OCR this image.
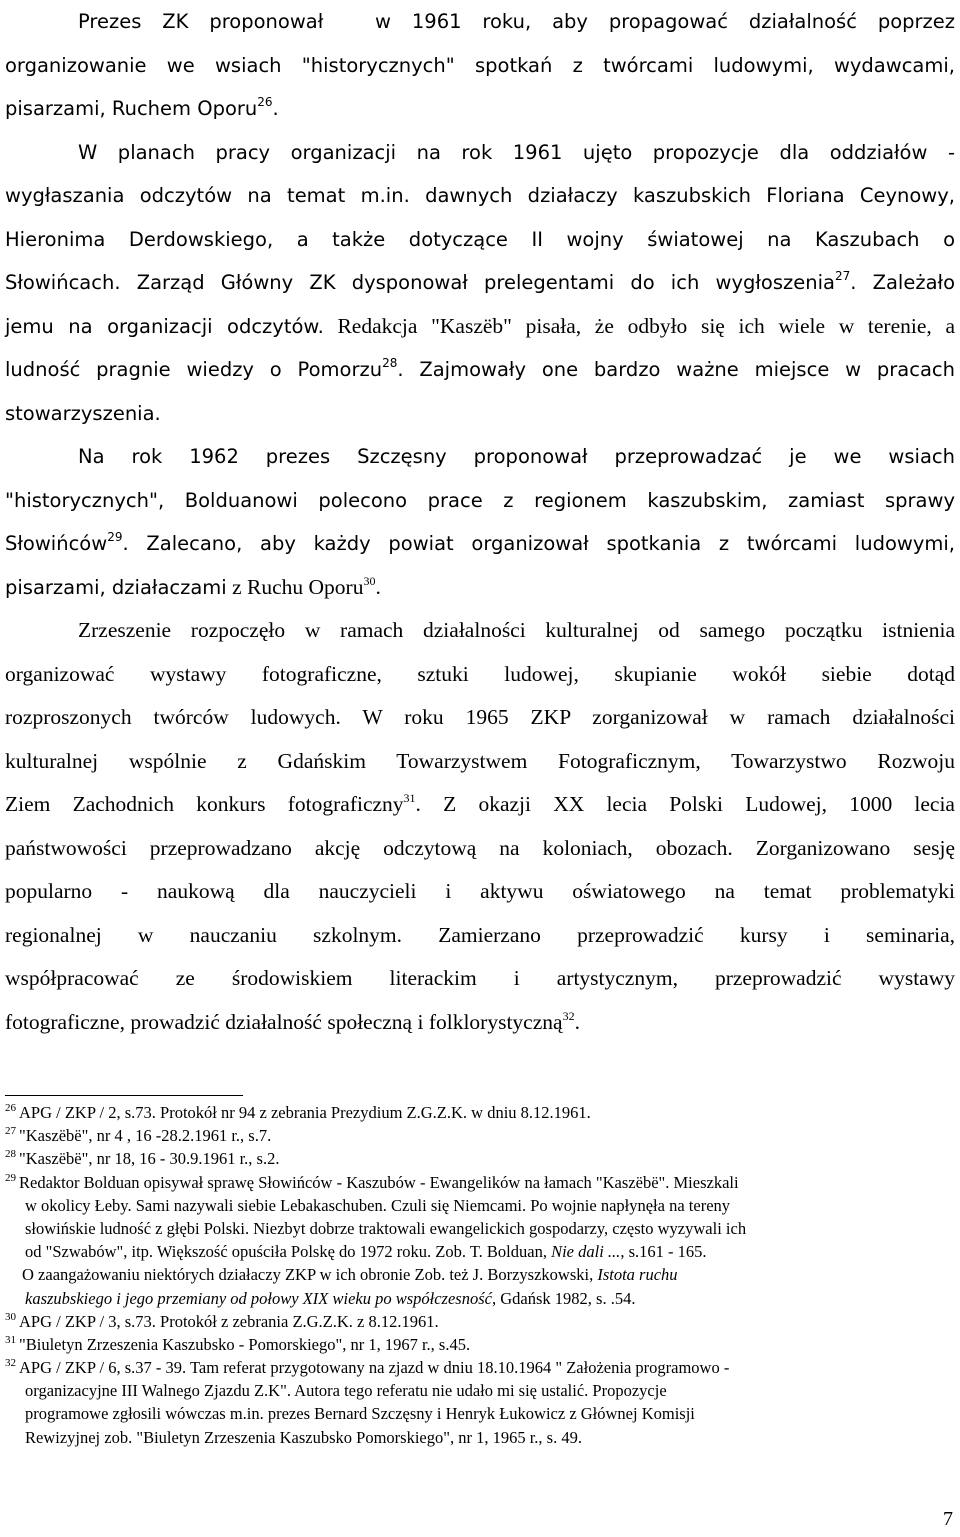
Prezes ZK proponował  w 1961 roku, aby propagować działalność poprzez
organizowanie we wsiach "historycznych" spotkań z twórcami ludowymi, wydawcami,
pisarzami, Ruchem Oporu$^{26}$.
W planach pracy organizacji na rok 1961 ujęto propozycje dla oddziałów -
wygłaszania odczytów na temat m.in. dawnych działaczy kaszubskich Floriana Ceynowy,
Hieronima Derdowskiego, a także dotyczące II wojny światowej na Kaszubach o
Słowińcach. Zarząd Główny ZK dysponował prelegentami do ich wygłoszenia$^{27}$. Zależało
jemu na organizacji odczytów. Redakcja "Kaszëb" pisała, że odbyło się ich wiele w terenie, a
ludność pragnie wiedzy o Pomorzu$^{28}$. Zajmowały one bardzo ważne miejsce w pracach
stowarzyszenia.
Na rok 1962 prezes Szczęsny proponował przeprowadzać je we wsiach
"historycznych", Bolduanowi polecono prace z regionem kaszubskim, zamiast sprawy
Słowińców$^{29}$. Zalecano, aby każdy powiat organizował spotkania z twórcami ludowymi,
pisarzami, działaczami z Ruchu Oporu$^{30}$.
Zrzeszenie rozpoczęło w ramach działalności kulturalnej od samego początku istnienia
organizować wystawy fotograficzne, sztuki ludowej, skupianie wokół siebie dotąd
rozproszonych twórców ludowych. W roku 1965 ZKP zorganizował w ramach działalności
kulturalnej wspólnie z Gdańskim Towarzystwem Fotograficznym, Towarzystwo Rozwoju
Ziem Zachodnich konkurs fotograficzny$^{31}$. Z okazji XX lecia Polski Ludowej, 1000 lecia
państwowości przeprowadzano akcję odczytową na koloniach, obozach. Zorganizowano sesję
popularno - naukową dla nauczycieli i aktywu oświatowego na temat problematyki
regionalnej w nauczaniu szkolnym. Zamierzano przeprowadzić kursy i seminaria,
współpracować ze środowiskiem literackim i artystycznym, przeprowadzić wystawy
fotograficzne, prowadzić działalność społeczną i folklorystyczną$^{32}$.
$^{26}$ APG / ZKP / 2, s.73. Protokół nr 94 z zebrania Prezydium Z.G.Z.K. w dniu 8.12.1961.
$^{27}$ "Kaszëbë", nr 4 , 16 -28.2.1961 r., s.7.
$^{28}$ "Kaszëbë", nr 18, 16 - 30.9.1961 r., s.2.
$^{29}$ Redaktor Bolduan opisywał sprawę Słowińców - Kaszubów - Ewangelików na łamach "Kaszëbë". Mieszkali
w okolicy Łeby. Sami nazywali siebie Lebakaschuben. Czuli się Niemcami. Po wojnie napłynęła na tereny
słowińskie ludność z głębi Polski. Niezbyt dobrze traktowali ewangelickich gospodarzy, często wyzywali ich
od "Szwabów", itp. Większość opuściła Polskę do 1972 roku. Zob. T. Bolduan, Nie dali ..., s.161 - 165.
O zaangażowaniu niektórych działaczy ZKP w ich obronie Zob. też J. Borzyszkowski, Istota ruchu
kaszubskiego i jego przemiany od połowy XIX wieku po współczesność, Gdańsk 1982, s. .54.
$^{30}$ APG / ZKP / 3, s.73. Protokół z zebrania Z.G.Z.K. z 8.12.1961.
$^{31}$ "Biuletyn Zrzeszenia Kaszubsko - Pomorskiego", nr 1, 1967 r., s.45.
$^{32}$ APG / ZKP / 6, s.37 - 39. Tam referat przygotowany na zjazd w dniu 18.10.1964 " Założenia programowo -
organizacyjne III Walnego Zjazdu Z.K". Autora tego referatu nie udało mi się ustalić. Propozycje
programowe zgłosili wówczas m.in. prezes Bernard Szczęsny i Henryk Łukowicz z Głównej Komisji
Rewizyjnej zob. "Biuletyn Zrzeszenia Kaszubsko Pomorskiego", nr 1, 1965 r., s. 49.
7
